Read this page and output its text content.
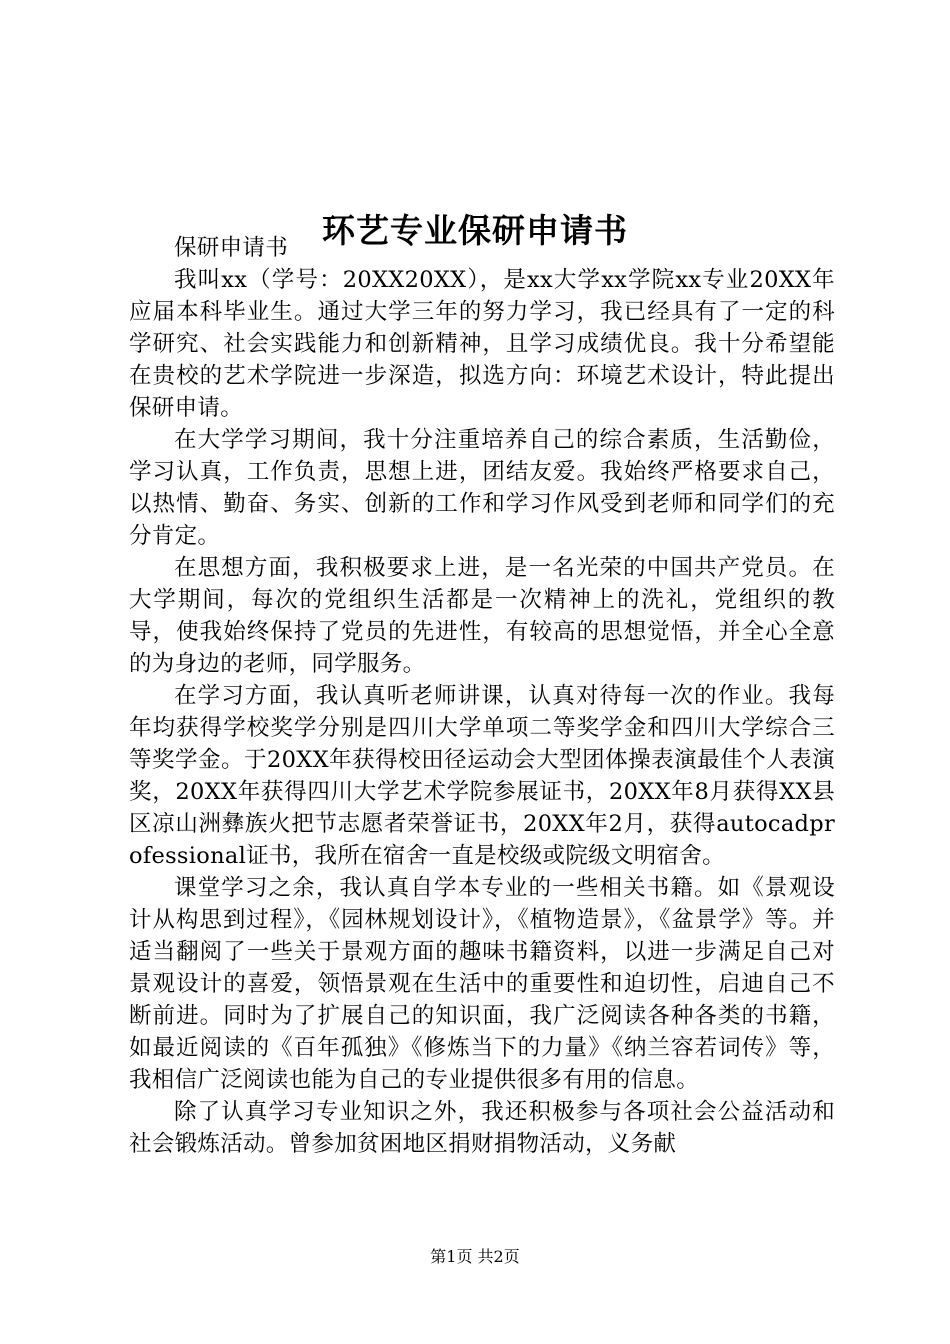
环艺专业保研申请书

保研申请书

我叫xx（学号：20XX20XX），是xx大学xx学院xx专业20XX年应届本科毕业生。通过大学三年的努力学习，我已经具有了一定的科学研究、社会实践能力和创新精神，且学习成绩优良。我十分希望能在贵校的艺术学院进一步深造，拟选方向：环境艺术设计，特此提出保研申请。

在大学学习期间，我十分注重培养自己的综合素质，生活勤俭，学习认真，工作负责，思想上进，团结友爱。我始终严格要求自己，以热情、勤奋、务实、创新的工作和学习作风受到老师和同学们的充分肯定。

在思想方面，我积极要求上进，是一名光荣的中国共产党员。在大学期间，每次的党组织生活都是一次精神上的洗礼，党组织的教导，使我始终保持了党员的先进性，有较高的思想觉悟，并全心全意的为身边的老师，同学服务。

在学习方面，我认真听老师讲课，认真对待每一次的作业。我每年均获得学校奖学分别是四川大学单项二等奖学金和四川大学综合三等奖学金。于20XX年获得校田径运动会大型团体操表演最佳个人表演奖，20XX年获得四川大学艺术学院参展证书，20XX年8月获得XX县区凉山洲彝族火把节志愿者荣誉证书，20XX年2月，获得autocadprofessional证书，我所在宿舍一直是校级或院级文明宿舍。

课堂学习之余，我认真自学本专业的一些相关书籍。如《景观设计从构思到过程》，《园林规划设计》，《植物造景》，《盆景学》等。并适当翻阅了一些关于景观方面的趣味书籍资料，以进一步满足自己对景观设计的喜爱，领悟景观在生活中的重要性和迫切性，启迪自己不断前进。同时为了扩展自己的知识面，我广泛阅读各种各类的书籍，如最近阅读的《百年孤独》《修炼当下的力量》《纳兰容若词传》等，我相信广泛阅读也能为自己的专业提供很多有用的信息。

除了认真学习专业知识之外，我还积极参与各项社会公益活动和社会锻炼活动。曾参加贫困地区捐财捐物活动，义务献

第1页 共2页
